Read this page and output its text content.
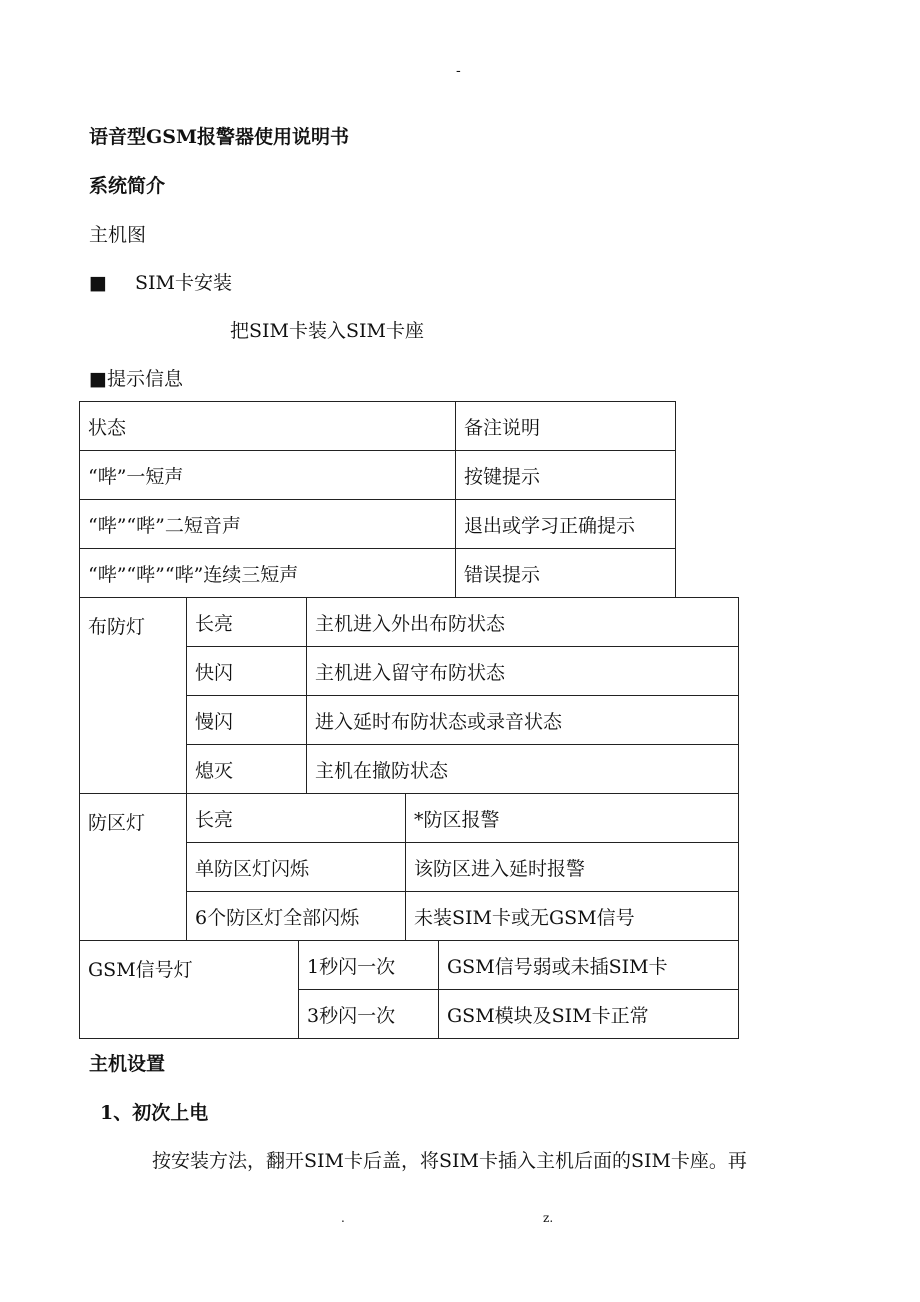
-
语音型GSM报警器使用说明书
系统简介
主机图
■ SIM卡安装
把SIM卡装入SIM卡座
■提示信息
状态	备注说明
“哔”一短声	按键提示
“哔”“哔”二短音声	退出或学习正确提示
“哔”“哔”“哔”连续三短声	错误提示
布防灯	长亮	主机进入外出布防状态
	快闪	主机进入留守布防状态
	慢闪	进入延时布防状态或录音状态
	熄灭	主机在撤防状态
防区灯	长亮	*防区报警
	单防区灯闪烁	该防区进入延时报警
	6个防区灯全部闪烁	未装SIM卡或无GSM信号
GSM信号灯	1秒闪一次	GSM信号弱或未插SIM卡
	3秒闪一次	GSM模块及SIM卡正常
主机设置
1、初次上电
按安装方法，翻开SIM卡后盖，将SIM卡插入主机后面的SIM卡座。再
.	z.
